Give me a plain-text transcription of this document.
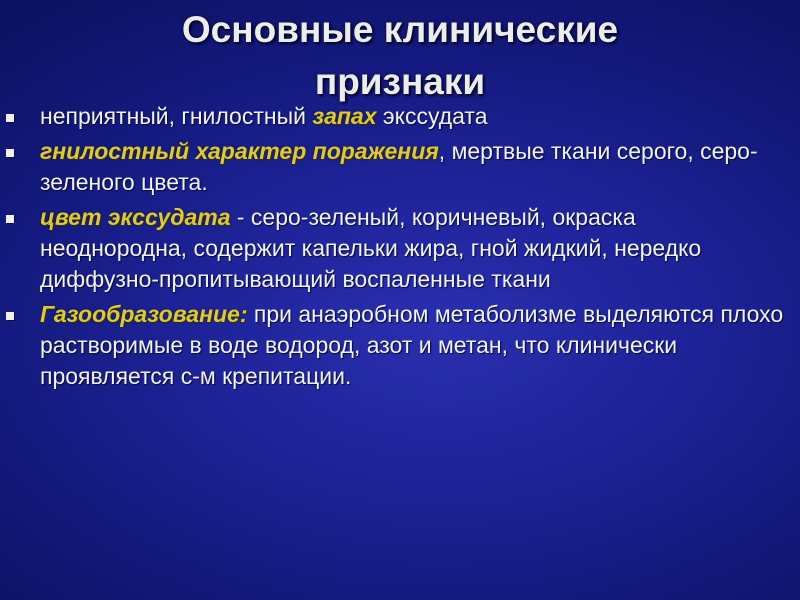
Основные клинические
признаки
неприятный, гнилостный запах экссудата
гнилостный характер поражения, мертвые ткани серого, серо-зеленого цвета.
цвет экссудата - серо-зеленый, коричневый, окраска неоднородна, содержит капельки жира, гной жидкий, нередко диффузно-пропитывающий воспаленные ткани
Газообразование: при анаэробном метаболизме выделяются плохо растворимые в воде водород, азот и метан, что клинически проявляется с-м крепитации.
